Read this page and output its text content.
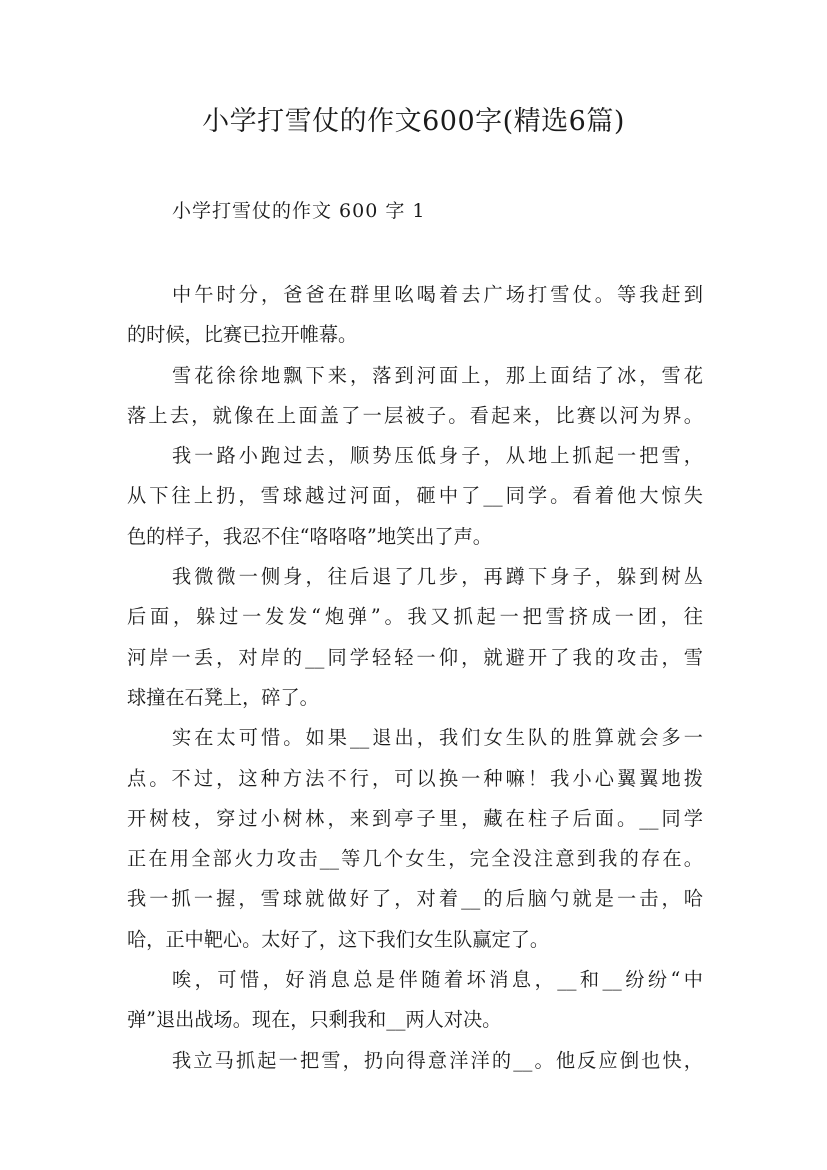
小学打雪仗的作文600字(精选6篇)
小学打雪仗的作文 600 字 1
中午时分，爸爸在群里吆喝着去广场打雪仗。等我赶到
的时候，比赛已拉开帷幕。
雪花徐徐地飘下来，落到河面上，那上面结了冰，雪花
落上去，就像在上面盖了一层被子。看起来，比赛以河为界。
我一路小跑过去，顺势压低身子，从地上抓起一把雪，
从下往上扔，雪球越过河面，砸中了__同学。看着他大惊失
色的样子，我忍不住“咯咯咯”地笑出了声。
我微微一侧身，往后退了几步，再蹲下身子，躲到树丛
后面，躲过一发发“炮弹”。我又抓起一把雪挤成一团，往
河岸一丢，对岸的__同学轻轻一仰，就避开了我的攻击，雪
球撞在石凳上，碎了。
实在太可惜。如果__退出，我们女生队的胜算就会多一
点。不过，这种方法不行，可以换一种嘛！我小心翼翼地拨
开树枝，穿过小树林，来到亭子里，藏在柱子后面。__同学
正在用全部火力攻击__等几个女生，完全没注意到我的存在。
我一抓一握，雪球就做好了，对着__的后脑勺就是一击，哈
哈，正中靶心。太好了，这下我们女生队赢定了。
唉，可惜，好消息总是伴随着坏消息，__和__纷纷“中
弹”退出战场。现在，只剩我和__两人对决。
我立马抓起一把雪，扔向得意洋洋的__。他反应倒也快，
